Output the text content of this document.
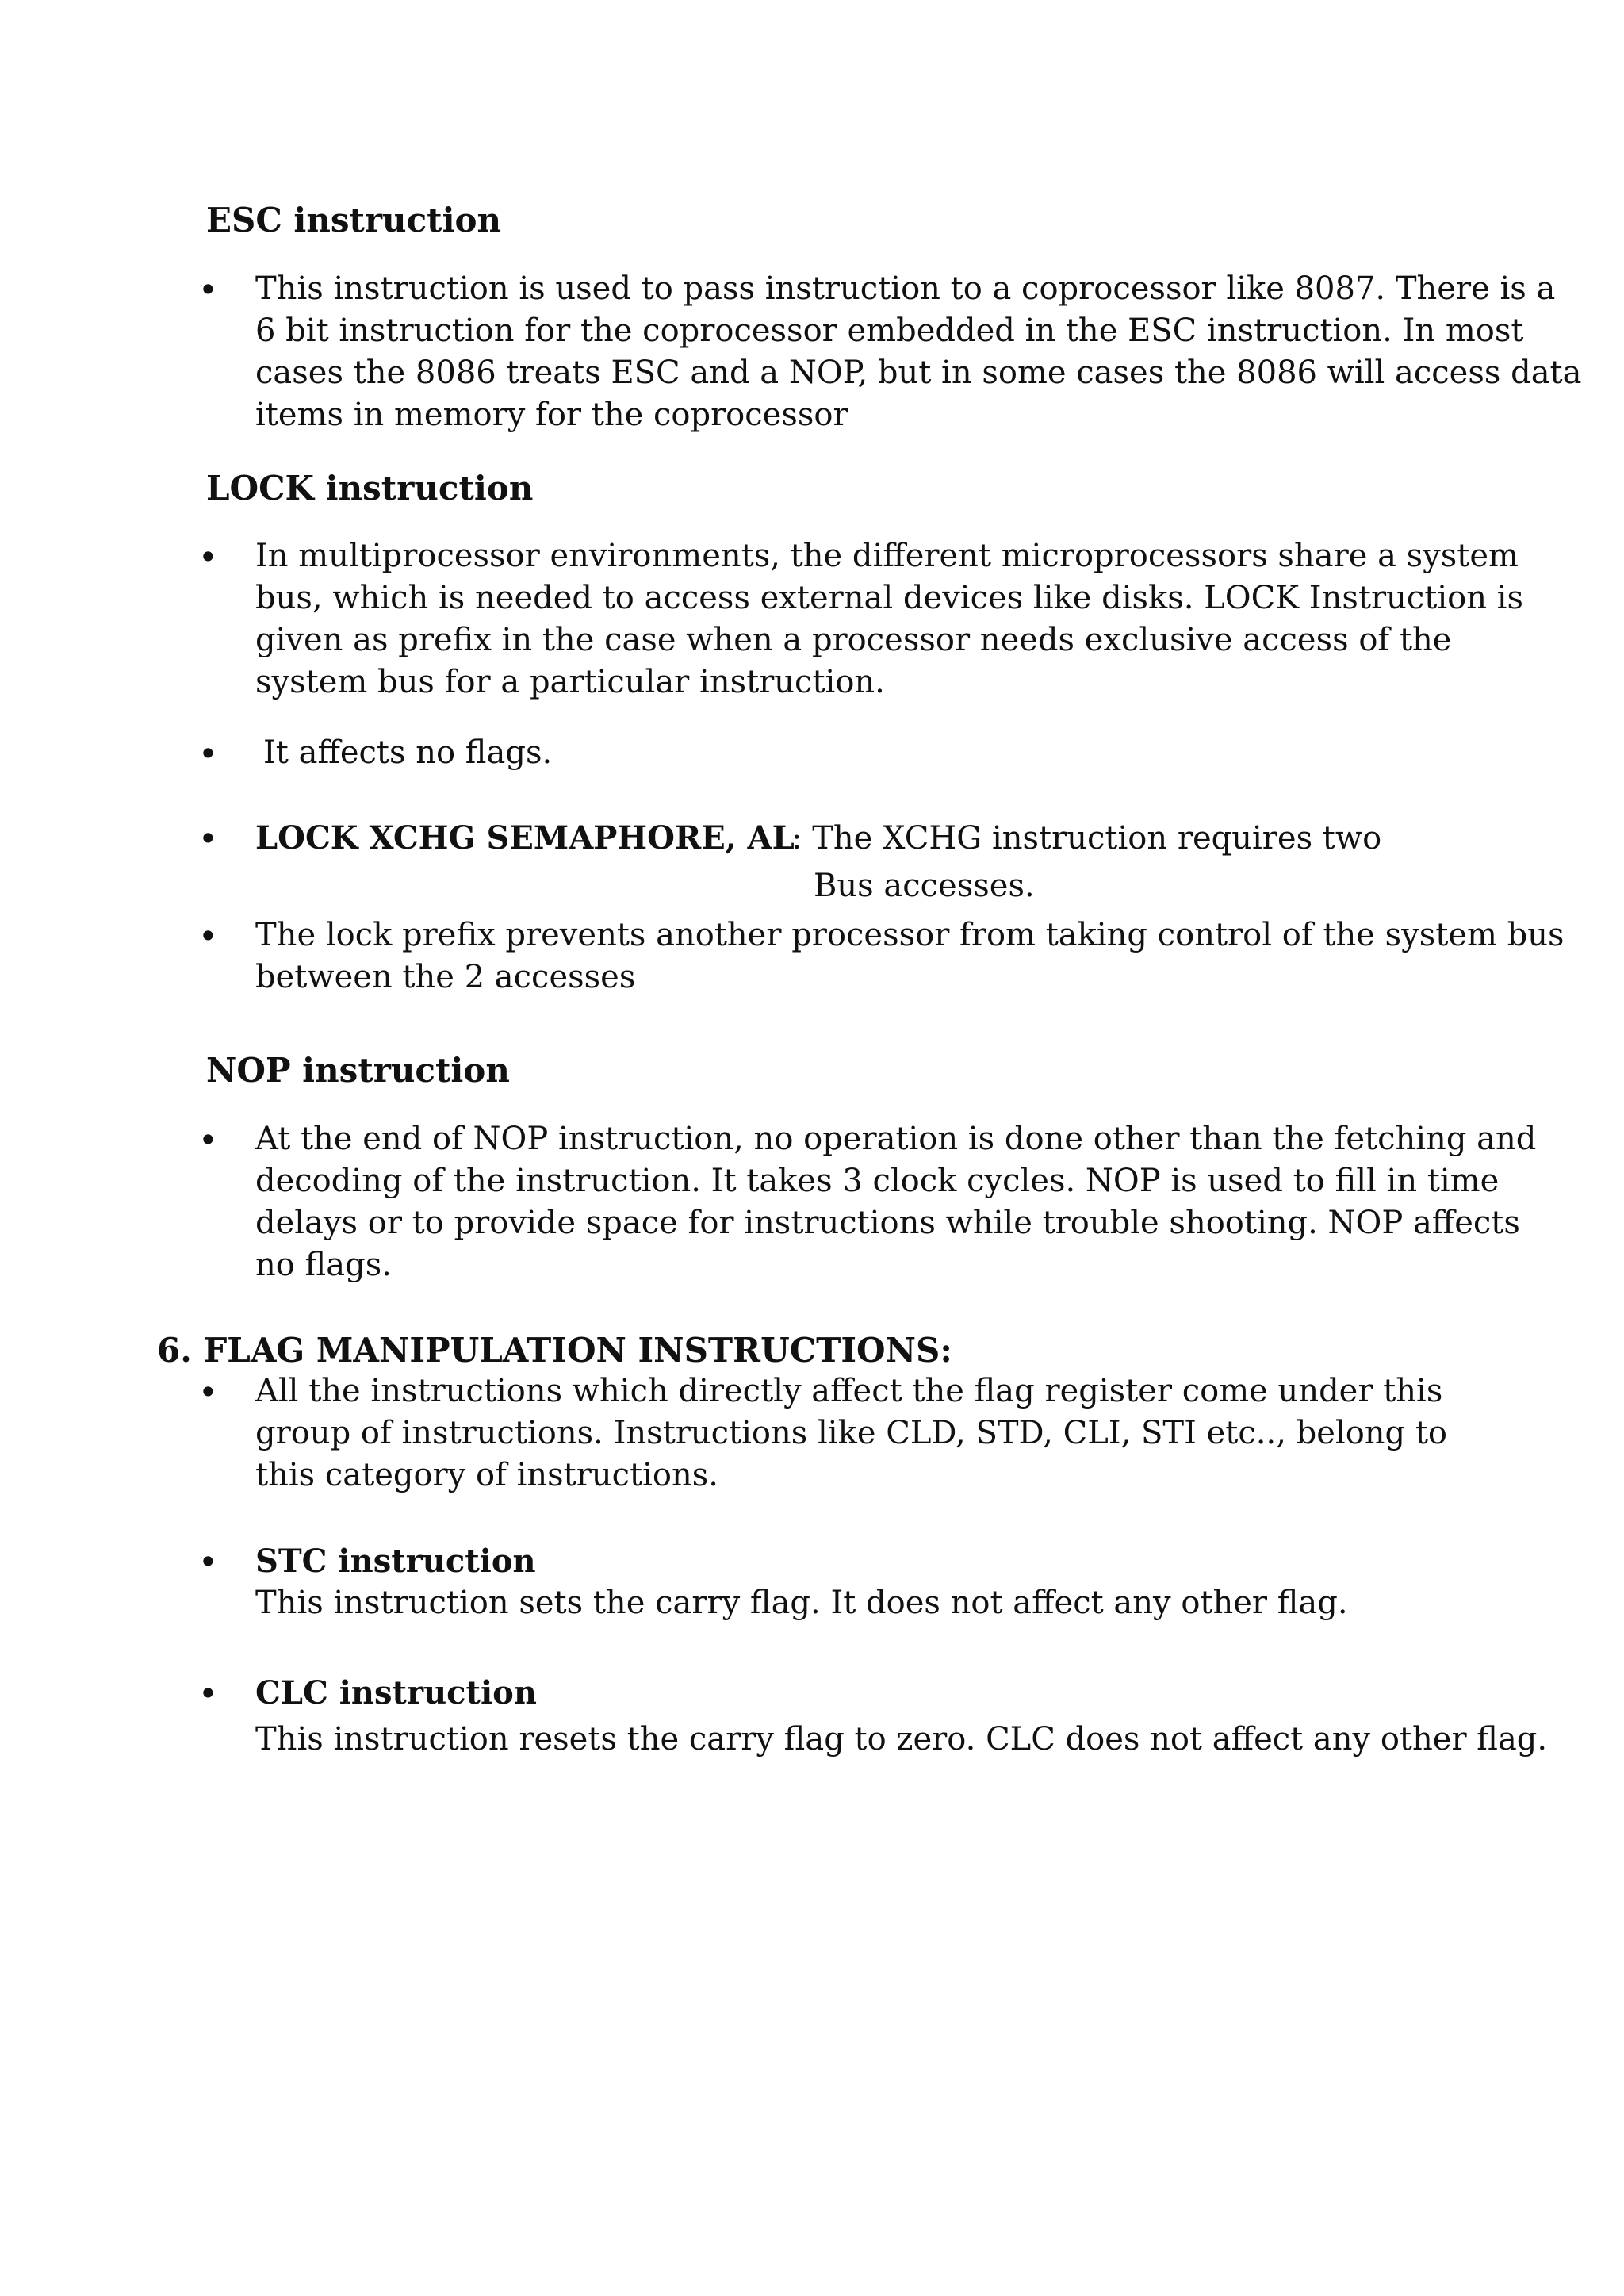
ESC instruction
• This instruction is used to pass instruction to a coprocessor like 8087. There is a
6 bit instruction for the coprocessor embedded in the ESC instruction. In most
cases the 8086 treats ESC and a NOP, but in some cases the 8086 will access data
items in memory for the coprocessor
LOCK instruction
• In multiprocessor environments, the different microprocessors share a system
bus, which is needed to access external devices like disks. LOCK Instruction is
given as prefix in the case when a processor needs exclusive access of the
system bus for a particular instruction.
• It affects no flags.
• LOCK XCHG SEMAPHORE, AL
: The XCHG instruction requires two
Bus accesses.
• The lock prefix prevents another processor from taking control of the system bus
between the 2 accesses
NOP instruction
• At the end of NOP instruction, no operation is done other than the fetching and
decoding of the instruction. It takes 3 clock cycles. NOP is used to fill in time
delays or to provide space for instructions while trouble shooting. NOP affects
no flags.
6. FLAG MANIPULATION INSTRUCTIONS:
• All the instructions which directly affect the flag register come under this
group of instructions. Instructions like CLD, STD, CLI, STI etc.., belong to
this category of instructions.
• STC instruction
This instruction sets the carry flag. It does not affect any other flag.
• CLC instruction
This instruction resets the carry flag to zero. CLC does not affect any other flag.
